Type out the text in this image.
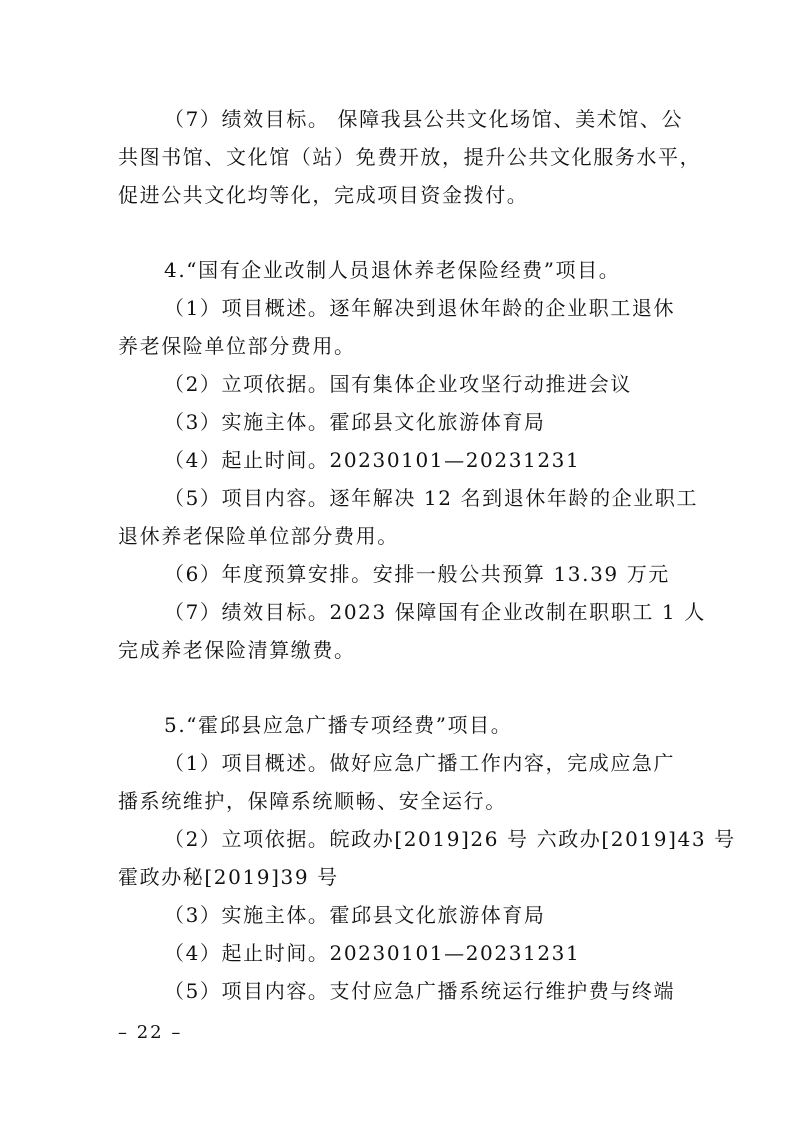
（7）绩效目标。 保障我县公共文化场馆、美术馆、公
共图书馆、文化馆（站）免费开放，提升公共文化服务水平，
促进公共文化均等化，完成项目资金拨付。
4.“国有企业改制人员退休养老保险经费”项目。
（1）项目概述。逐年解决到退休年龄的企业职工退休
养老保险单位部分费用。
（2）立项依据。国有集体企业攻坚行动推进会议
（3）实施主体。霍邱县文化旅游体育局
（4）起止时间。20230101—20231231
（5）项目内容。逐年解决 12 名到退休年龄的企业职工
退休养老保险单位部分费用。
（6）年度预算安排。安排一般公共预算 13.39 万元
（7）绩效目标。2023 保障国有企业改制在职职工 1 人
完成养老保险清算缴费。
5.“霍邱县应急广播专项经费”项目。
（1）项目概述。做好应急广播工作内容，完成应急广
播系统维护，保障系统顺畅、安全运行。
（2）立项依据。皖政办[2019]26 号 六政办[2019]43 号
霍政办秘[2019]39 号
（3）实施主体。霍邱县文化旅游体育局
（4）起止时间。20230101—20231231
（5）项目内容。支付应急广播系统运行维护费与终端
– 22 –
